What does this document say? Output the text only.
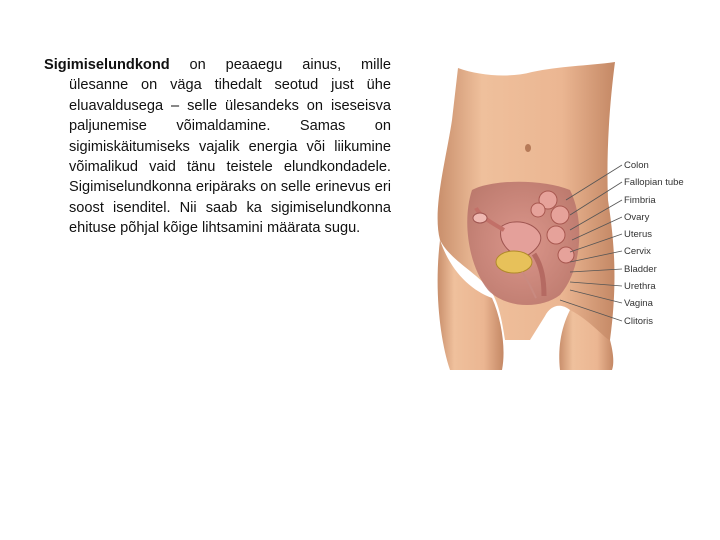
Sigimiselundkond on peaaegu ainus, mille ülesanne on väga tihedalt seotud just ühe eluavaldusega – selle ülesandeks on iseseisva paljunemise võimaldamine. Samas on sigimiskäitumiseks vajalik energia või liikumine võimalikud vaid tänu teistele elundkondadele. Sigimiselundkonna eripäraks on selle erinevus eri soost isenditel. Nii saab ka sigimiselundkonna ehituse põhjal kõige lihtsamini määrata sugu.
Colon
Fallopian tube
Fimbria
Ovary
Uterus
Cervix
Bladder
Urethra
Vagina
Clitoris
